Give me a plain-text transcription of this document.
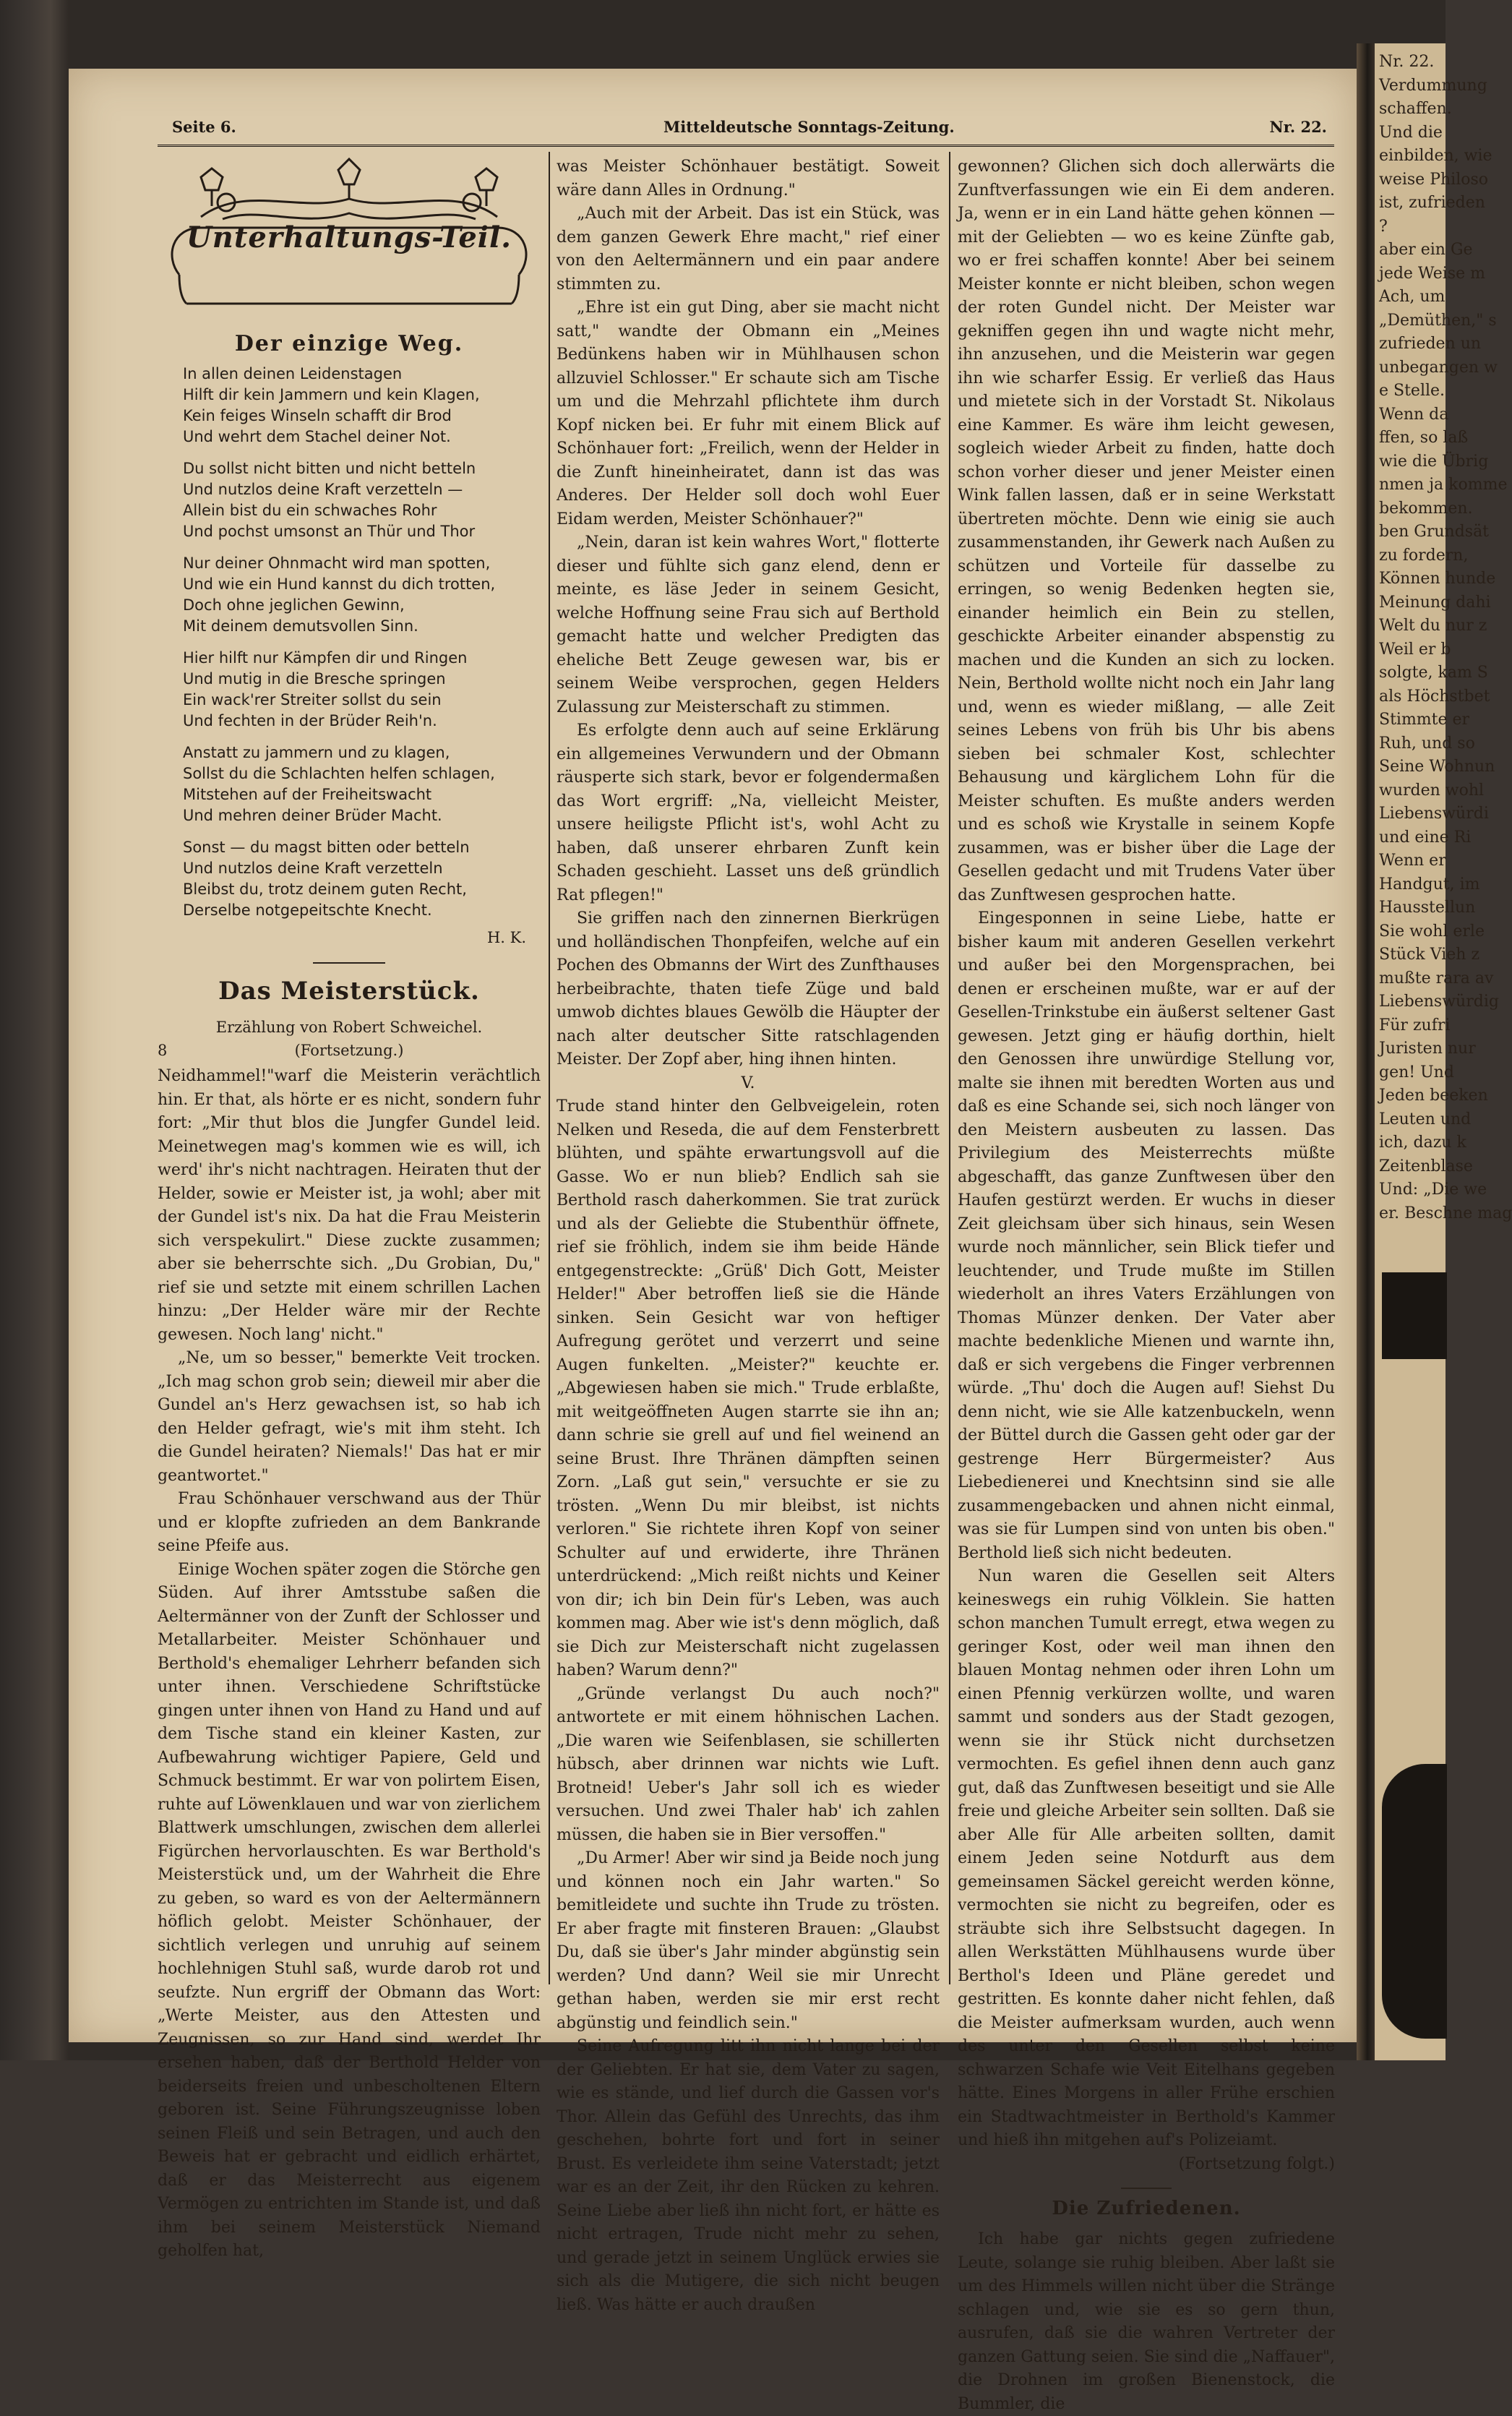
Nr. 22.
Verdummung
schaffen.
Und die
einbilden, wie
weise Philoso
ist, zufrieden
?
aber ein Ge
jede Weise m
Ach, um
„Demüthen," s
zufrieden un
unbegangen w
e Stelle.
Wenn da
ffen, so laß
wie die Übrig
nmen ja komme
bekommen.
ben Grundsät
zu fordern,
Können hunde
Meinung dahi
Welt du nur z
Weil er b
solgte, kam S
als Höchstbet
Stimmte er
Ruh, und so
Seine Wohnun
wurden wohl
Liebenswürdi
und eine Ri
Wenn er
Handgut, im
Hausstellun
Sie wohl erle
Stück Vieh z
mußte rara av
Liebenswürdig
Für zufri
Juristen nur
gen! Und
Jeden beeken
Leuten und
ich, dazu k
Zeitenblase
Und: „Die we
er. Beschne mag
Seite 6.	Mitteldeutsche Sonntags-Zeitung.	Nr. 22.
Unterhaltungs-Teil.
Der einzige Weg.
In allen deinen Leidenstagen
Hilft dir kein Jammern und kein Klagen,
Kein feiges Winseln schafft dir Brod
Und wehrt dem Stachel deiner Not.
Du sollst nicht bitten und nicht betteln
Und nutzlos deine Kraft verzetteln —
Allein bist du ein schwaches Rohr
Und pochst umsonst an Thür und Thor
Nur deiner Ohnmacht wird man spotten,
Und wie ein Hund kannst du dich trotten,
Doch ohne jeglichen Gewinn,
Mit deinem demutsvollen Sinn.
Hier hilft nur Kämpfen dir und Ringen
Und mutig in die Bresche springen
Ein wack'rer Streiter sollst du sein
Und fechten in der Brüder Reih'n.
Anstatt zu jammern und zu klagen,
Sollst du die Schlachten helfen schlagen,
Mitstehen auf der Freiheitswacht
Und mehren deiner Brüder Macht.
Sonst — du magst bitten oder betteln
Und nutzlos deine Kraft verzetteln
Bleibst du, trotz deinem guten Recht,
Derselbe notgepeitschte Knecht.
H. K.
Das Meisterstück.
Erzählung von Robert Schweichel.
8	(Fortsetzung.)

Neidhammel!"warf die Meisterin verächtlich hin. Er that, als hörte er es nicht, sondern fuhr fort: „Mir thut blos die Jungfer Gundel leid. Meinetwegen mag's kommen wie es will, ich werd' ihr's nicht nachtragen. Heiraten thut der Helder, sowie er Meister ist, ja wohl; aber mit der Gundel ist's nix. Da hat die Frau Meisterin sich verspekulirt." Diese zuckte zusammen; aber sie beherrschte sich. „Du Grobian, Du," rief sie und setzte mit einem schrillen Lachen hinzu: „Der Helder wäre mir der Rechte gewesen. Noch lang' nicht."

„Ne, um so besser," bemerkte Veit trocken. „Ich mag schon grob sein; dieweil mir aber die Gundel an's Herz gewachsen ist, so hab ich den Helder gefragt, wie's mit ihm steht. Ich die Gundel heiraten? Niemals!' Das hat er mir geantwortet."

Frau Schönhauer verschwand aus der Thür und er klopfte zufrieden an dem Bankrande seine Pfeife aus.

Einige Wochen später zogen die Störche gen Süden. Auf ihrer Amtsstube saßen die Aeltermänner von der Zunft der Schlosser und Metallarbeiter. Meister Schönhauer und Berthold's ehemaliger Lehrherr befanden sich unter ihnen. Verschiedene Schriftstücke gingen unter ihnen von Hand zu Hand und auf dem Tische stand ein kleiner Kasten, zur Aufbewahrung wichtiger Papiere, Geld und Schmuck bestimmt. Er war von polirtem Eisen, ruhte auf Löwenklauen und war von zierlichem Blattwerk umschlungen, zwischen dem allerlei Figürchen hervorlauschten. Es war Berthold's Meisterstück und, um der Wahrheit die Ehre zu geben, so ward es von der Aeltermännern höflich gelobt. Meister Schönhauer, der sichtlich verlegen und unruhig auf seinem hochlehnigen Stuhl saß, wurde darob rot und seufzte. Nun ergriff der Obmann das Wort: „Werte Meister, aus den Attesten und Zeugnissen, so zur Hand sind, werdet Ihr ersehen haben, daß der Berthold Helder von beiderseits freien und unbescholtenen Eltern geboren ist. Seine Führungszeugnisse loben seinen Fleiß und sein Betragen, und auch den Beweis hat er gebracht und eidlich erhärtet, daß er das Meisterrecht aus eigenem Vermögen zu entrichten im Stande ist, und daß ihm bei seinem Meisterstück Niemand geholfen hat,

was Meister Schönhauer bestätigt. Soweit wäre dann Alles in Ordnung."

„Auch mit der Arbeit. Das ist ein Stück, was dem ganzen Gewerk Ehre macht," rief einer von den Aeltermännern und ein paar andere stimmten zu.

„Ehre ist ein gut Ding, aber sie macht nicht satt," wandte der Obmann ein „Meines Bedünkens haben wir in Mühlhausen schon allzuviel Schlosser." Er schaute sich am Tische um und die Mehrzahl pflichtete ihm durch Kopf nicken bei. Er fuhr mit einem Blick auf Schönhauer fort: „Freilich, wenn der Helder in die Zunft hineinheiratet, dann ist das was Anderes. Der Helder soll doch wohl Euer Eidam werden, Meister Schönhauer?"

„Nein, daran ist kein wahres Wort," flotterte dieser und fühlte sich ganz elend, denn er meinte, es läse Jeder in seinem Gesicht, welche Hoffnung seine Frau sich auf Berthold gemacht hatte und welcher Predigten das eheliche Bett Zeuge gewesen war, bis er seinem Weibe versprochen, gegen Helders Zulassung zur Meisterschaft zu stimmen.

Es erfolgte denn auch auf seine Erklärung ein allgemeines Verwundern und der Obmann räusperte sich stark, bevor er folgendermaßen das Wort ergriff: „Na, vielleicht Meister, unsere heiligste Pflicht ist's, wohl Acht zu haben, daß unserer ehrbaren Zunft kein Schaden geschieht. Lasset uns deß gründlich Rat pflegen!"

Sie griffen nach den zinnernen Bierkrügen und holländischen Thonpfeifen, welche auf ein Pochen des Obmanns der Wirt des Zunfthauses herbeibrachte, thaten tiefe Züge und bald umwob dichtes blaues Gewölb die Häupter der nach alter deutscher Sitte ratschlagenden Meister. Der Zopf aber, hing ihnen hinten.

V.

Trude stand hinter den Gelbveigelein, roten Nelken und Reseda, die auf dem Fensterbrett blühten, und spähte erwartungsvoll auf die Gasse. Wo er nun blieb? Endlich sah sie Berthold rasch daherkommen. Sie trat zurück und als der Geliebte die Stubenthür öffnete, rief sie fröhlich, indem sie ihm beide Hände entgegenstreckte: „Grüß' Dich Gott, Meister Helder!" Aber betroffen ließ sie die Hände sinken. Sein Gesicht war von heftiger Aufregung gerötet und verzerrt und seine Augen funkelten. „Meister?" keuchte er. „Abgewiesen haben sie mich." Trude erblaßte, mit weitgeöffneten Augen starrte sie ihn an; dann schrie sie grell auf und fiel weinend an seine Brust. Ihre Thränen dämpften seinen Zorn. „Laß gut sein," versuchte er sie zu trösten. „Wenn Du mir bleibst, ist nichts verloren." Sie richtete ihren Kopf von seiner Schulter auf und erwiderte, ihre Thränen unterdrückend: „Mich reißt nichts und Keiner von dir; ich bin Dein für's Leben, was auch kommen mag. Aber wie ist's denn möglich, daß sie Dich zur Meisterschaft nicht zugelassen haben? Warum denn?"

„Gründe verlangst Du auch noch?" antwortete er mit einem höhnischen Lachen. „Die waren wie Seifenblasen, sie schillerten hübsch, aber drinnen war nichts wie Luft. Brotneid! Ueber's Jahr soll ich es wieder versuchen. Und zwei Thaler hab' ich zahlen müssen, die haben sie in Bier versoffen."

„Du Armer! Aber wir sind ja Beide noch jung und können noch ein Jahr warten." So bemitleidete und suchte ihn Trude zu trösten. Er aber fragte mit finsteren Brauen: „Glaubst Du, daß sie über's Jahr minder abgünstig sein werden? Und dann? Weil sie mir Unrecht gethan haben, werden sie mir erst recht abgünstig und feindlich sein."

Seine Aufregung litt ihn nicht lange bei der der Geliebten. Er hat sie, dem Vater zu sagen, wie es stände, und lief durch die Gassen vor's Thor. Allein das Gefühl des Unrechts, das ihm geschehen, bohrte fort und fort in seiner Brust. Es verleidete ihm seine Vaterstadt; jetzt war es an der Zeit, ihr den Rücken zu kehren. Seine Liebe aber ließ ihn nicht fort, er hätte es nicht ertragen, Trude nicht mehr zu sehen, und gerade jetzt in seinem Unglück erwies sie sich als die Mutigere, die sich nicht beugen ließ. Was hätte er auch draußen

gewonnen? Glichen sich doch allerwärts die Zunftverfassungen wie ein Ei dem anderen. Ja, wenn er in ein Land hätte gehen können — mit der Geliebten — wo es keine Zünfte gab, wo er frei schaffen konnte! Aber bei seinem Meister konnte er nicht bleiben, schon wegen der roten Gundel nicht. Der Meister war gekniffen gegen ihn und wagte nicht mehr, ihn anzusehen, und die Meisterin war gegen ihn wie scharfer Essig. Er verließ das Haus und mietete sich in der Vorstadt St. Nikolaus eine Kammer. Es wäre ihm leicht gewesen, sogleich wieder Arbeit zu finden, hatte doch schon vorher dieser und jener Meister einen Wink fallen lassen, daß er in seine Werkstatt übertreten möchte. Denn wie einig sie auch zusammenstanden, ihr Gewerk nach Außen zu schützen und Vorteile für dasselbe zu erringen, so wenig Bedenken hegten sie, einander heimlich ein Bein zu stellen, geschickte Arbeiter einander abspenstig zu machen und die Kunden an sich zu locken. Nein, Berthold wollte nicht noch ein Jahr lang und, wenn es wieder mißlang, — alle Zeit seines Lebens von früh bis Uhr bis abens sieben bei schmaler Kost, schlechter Behausung und kärglichem Lohn für die Meister schuften. Es mußte anders werden und es schoß wie Krystalle in seinem Kopfe zusammen, was er bisher über die Lage der Gesellen gedacht und mit Trudens Vater über das Zunftwesen gesprochen hatte.

Eingesponnen in seine Liebe, hatte er bisher kaum mit anderen Gesellen verkehrt und außer bei den Morgensprachen, bei denen er erscheinen mußte, war er auf der Gesellen-Trinkstube ein äußerst seltener Gast gewesen. Jetzt ging er häufig dorthin, hielt den Genossen ihre unwürdige Stellung vor, malte sie ihnen mit beredten Worten aus und daß es eine Schande sei, sich noch länger von den Meistern ausbeuten zu lassen. Das Privilegium des Meisterrechts müßte abgeschafft, das ganze Zunftwesen über den Haufen gestürzt werden. Er wuchs in dieser Zeit gleichsam über sich hinaus, sein Wesen wurde noch männlicher, sein Blick tiefer und leuchtender, und Trude mußte im Stillen wiederholt an ihres Vaters Erzählungen von Thomas Münzer denken. Der Vater aber machte bedenkliche Mienen und warnte ihn, daß er sich vergebens die Finger verbrennen würde. „Thu' doch die Augen auf! Siehst Du denn nicht, wie sie Alle katzenbuckeln, wenn der Büttel durch die Gassen geht oder gar der gestrenge Herr Bürgermeister? Aus Liebedienerei und Knechtsinn sind sie alle zusammengebacken und ahnen nicht einmal, was sie für Lumpen sind von unten bis oben." Berthold ließ sich nicht bedeuten.

Nun waren die Gesellen seit Alters keineswegs ein ruhig Völklein. Sie hatten schon manchen Tumult erregt, etwa wegen zu geringer Kost, oder weil man ihnen den blauen Montag nehmen oder ihren Lohn um einen Pfennig verkürzen wollte, und waren sammt und sonders aus der Stadt gezogen, wenn sie ihr Stück nicht durchsetzen vermochten. Es gefiel ihnen denn auch ganz gut, daß das Zunftwesen beseitigt und sie Alle freie und gleiche Arbeiter sein sollten. Daß sie aber Alle für Alle arbeiten sollten, damit einem Jeden seine Notdurft aus dem gemeinsamen Säckel gereicht werden könne, vermochten sie nicht zu begreifen, oder es sträubte sich ihre Selbstsucht dagegen. In allen Werkstätten Mühlhausens wurde über Berthol's Ideen und Pläne geredet und gestritten. Es konnte daher nicht fehlen, daß die Meister aufmerksam wurden, auch wenn des unter den Gesellen selbst keine schwarzen Schafe wie Veit Eitelhans gegeben hätte. Eines Morgens in aller Frühe erschien ein Stadtwachtmeister in Berthold's Kammer und hieß ihn mitgehen auf's Polizeiamt.

(Fortsetzung folgt.)

Die Zufriedenen.

Ich habe gar nichts gegen zufriedene Leute, solange sie ruhig bleiben. Aber laßt sie um des Himmels willen nicht über die Stränge schlagen und, wie sie es so gern thun, ausrufen, daß sie die wahren Vertreter der ganzen Gattung seien. Sie sind die „Naffauer", die Drohnen im großen Bienenstock, die Bummler, die
